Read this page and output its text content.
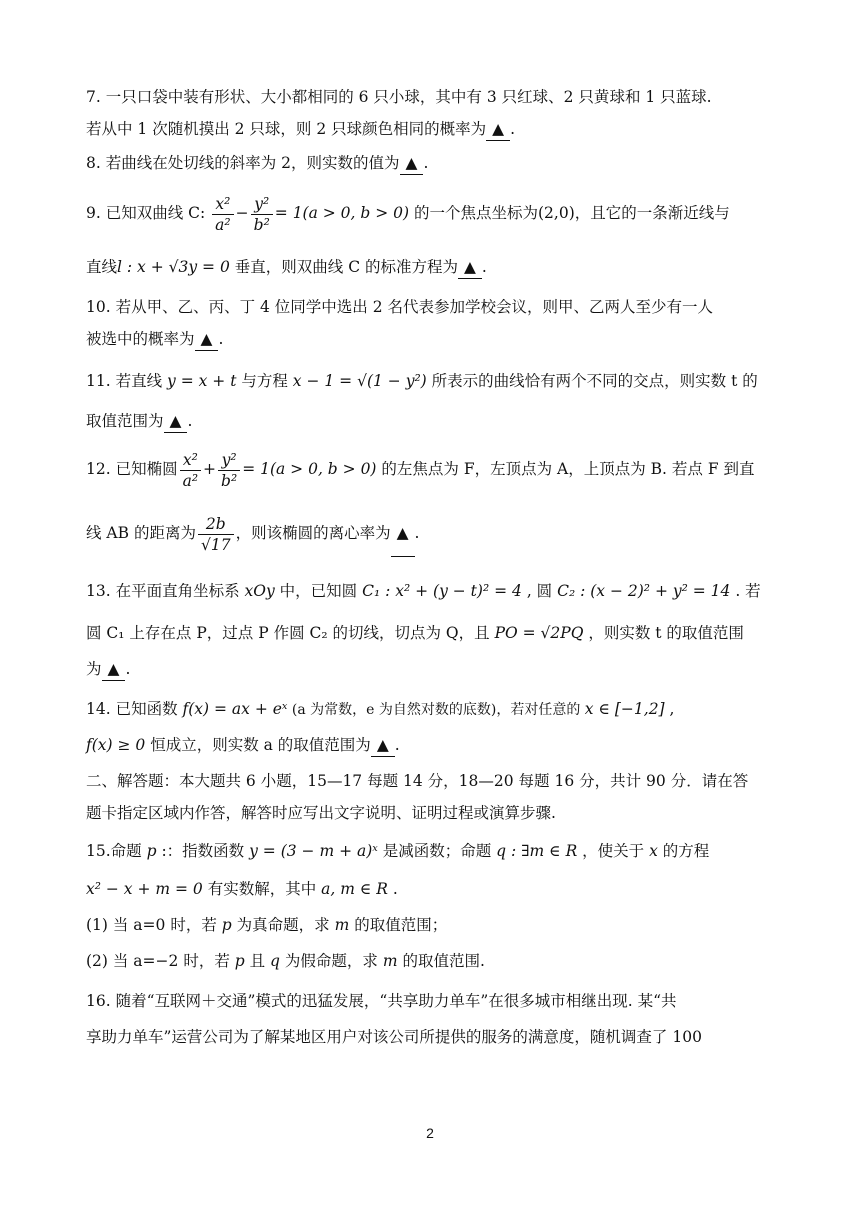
7. 一只口袋中装有形状、大小都相同的 6 只小球，其中有 3 只红球、2 只黄球和 1 只蓝球.
若从中 1 次随机摸出 2 只球，则 2 只球颜色相同的概率为 ▲ .
8. 若曲线在处切线的斜率为 2，则实数的值为 ▲ .
9. 已知双曲线 C: $\frac{\text{x²}}{\text{a²}} - \frac{\text{y²}}{\text{b²}} = 1(a > 0$, b > 0) 的一个焦点坐标为(2,0)，且它的一条渐近线与
直线l : x + √3y = 0 垂直，则双曲线 C 的标准方程为 ▲ .
10. 若从甲、乙、丙、丁 4 位同学中选出 2 名代表参加学校会议，则甲、乙两人至少有一人
被选中的概率为 ▲ .
11. 若直线 y = x + t 与方程 x − 1 = √(1 − y²) 所表示的曲线恰有两个不同的交点，则实数 t 的
取值范围为 ▲ .
12. 已知椭圆 $\frac{\text{x²}}{\text{a²}} + \frac{\text{y²}}{\text{b²}} = 1(a > 0$, b > 0) 的左焦点为 F，左顶点为 A，上顶点为 B. 若点 F 到直
线 AB 的距离为 $\frac{2b}{√17}$ ，则该椭圆的离心率为 ▲ .
13. 在平面直角坐标系 xOy 中，已知圆 C₁ : x² + (y − t)² = 4 , 圆 C₂ : (x − 2)² + y² = 14 . 若
圆 C₁ 上存在点 P，过点 P 作圆 C₂ 的切线，切点为 Q，且 PO = √2PQ ，则实数 t 的取值范围
为 ▲ .
14. 已知函数 f(x) = ax + eˣ (a 为常数，e 为自然对数的底数)，若对任意的 x ∈ [−1,2] ,
f(x) ≥ 0 恒成立，则实数 a 的取值范围为 ▲ .
二、解答题：本大题共 6 小题，15—17 每题 14 分，18—20 每题 16 分，共计 90 分．请在答
题卡指定区域内作答，解答时应写出文字说明、证明过程或演算步骤.
15.命题 p :：指数函数 y = (3 − m + a)ˣ 是减函数；命题 q : ∃m ∈ R ，使关于 x 的方程
x² − x + m = 0 有实数解，其中 a, m ∈ R .
(1) 当 a=0 时，若 p 为真命题，求 m 的取值范围；
(2) 当 a=−2 时，若 p 且 q 为假命题，求 m 的取值范围.
16. 随着“互联网＋交通”模式的迅猛发展，“共享助力单车”在很多城市相继出现. 某“共
享助力单车”运营公司为了解某地区用户对该公司所提供的服务的满意度，随机调查了 100
2
